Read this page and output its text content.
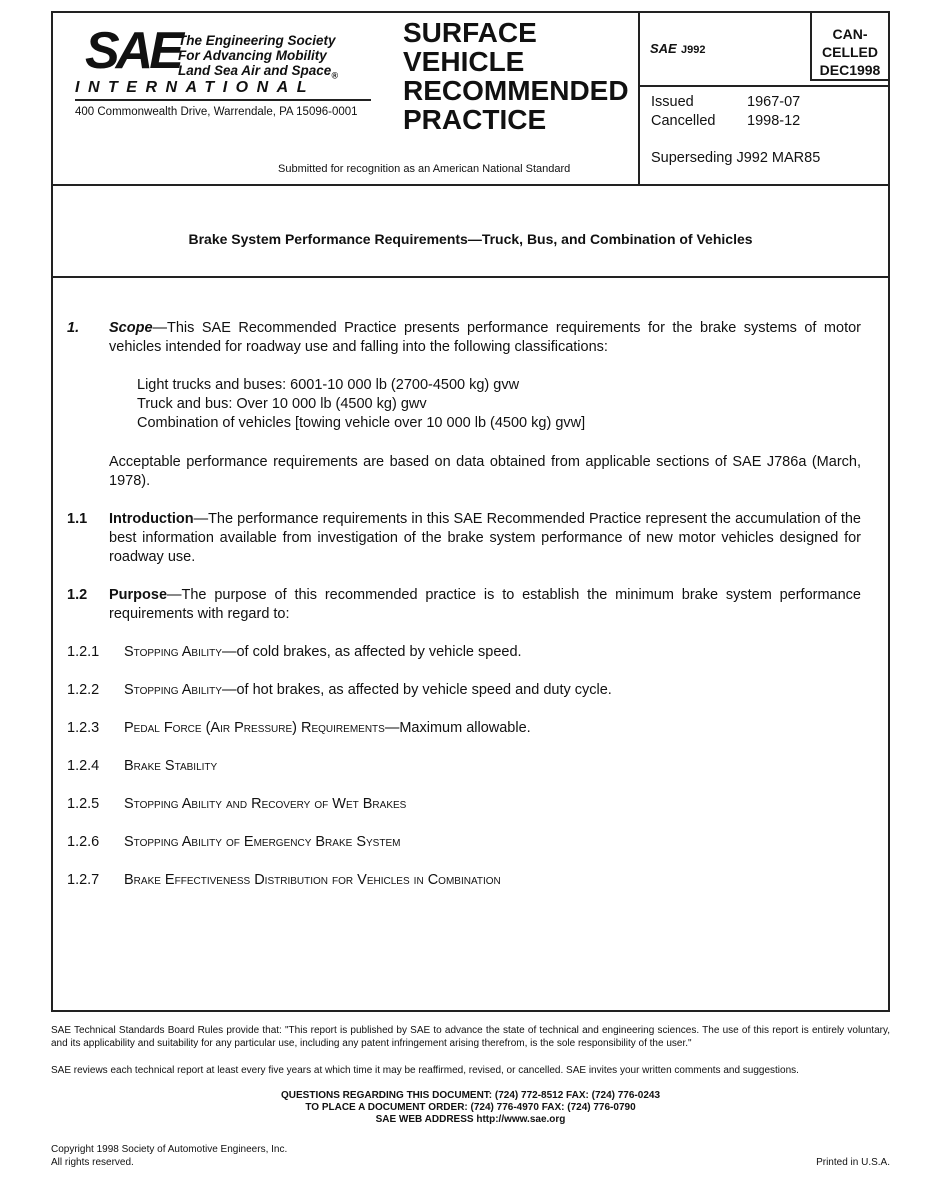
SAE
The Engineering Society
For Advancing Mobility
Land Sea Air and Space$_®$
INTERNATIONAL
400 Commonwealth Drive, Warrendale, PA 15096-0001
SURFACE
VEHICLE
RECOMMENDED
PRACTICE
Submitted for recognition as an American National Standard
SAE J992
CAN-
CELLED
DEC1998
Issued	1967-07
Cancelled 1998-12
Superseding J992 MAR85
Brake System Performance Requirements—Truck, Bus, and Combination of Vehicles
1. Scope—This SAE Recommended Practice presents performance requirements for the brake systems of motor vehicles intended for roadway use and falling into the following classifications:
Light trucks and buses: 6001-10 000 lb (2700-4500 kg) gvw
Truck and bus: Over 10 000 lb (4500 kg) gwv
Combination of vehicles [towing vehicle over 10 000 lb (4500 kg) gvw]
Acceptable performance requirements are based on data obtained from applicable sections of SAE J786a (March, 1978).
1.1 Introduction—The performance requirements in this SAE Recommended Practice represent the accumulation of the best information available from investigation of the brake system performance of new motor vehicles designed for roadway use.
1.2 Purpose—The purpose of this recommended practice is to establish the minimum brake system performance requirements with regard to:
1.2.1 Stopping Ability—of cold brakes, as affected by vehicle speed.
1.2.2 Stopping Ability—of hot brakes, as affected by vehicle speed and duty cycle.
1.2.3 Pedal Force (Air Pressure) Requirements—Maximum allowable.
1.2.4 Brake Stability
1.2.5 Stopping Ability and Recovery of Wet Brakes
1.2.6 Stopping Ability of Emergency Brake System
1.2.7 Brake Effectiveness Distribution for Vehicles in Combination
SAE Technical Standards Board Rules provide that: "This report is published by SAE to advance the state of technical and engineering sciences. The use of this report is entirely voluntary, and its applicability and suitability for any particular use, including any patent infringement arising therefrom, is the sole responsibility of the user."
SAE reviews each technical report at least every five years at which time it may be reaffirmed, revised, or cancelled. SAE invites your written comments and suggestions.
QUESTIONS REGARDING THIS DOCUMENT: (724) 772-8512 FAX: (724) 776-0243
TO PLACE A DOCUMENT ORDER: (724) 776-4970 FAX: (724) 776-0790
SAE WEB ADDRESS http://www.sae.org
Copyright 1998 Society of Automotive Engineers, Inc.
All rights reserved.	Printed in U.S.A.
